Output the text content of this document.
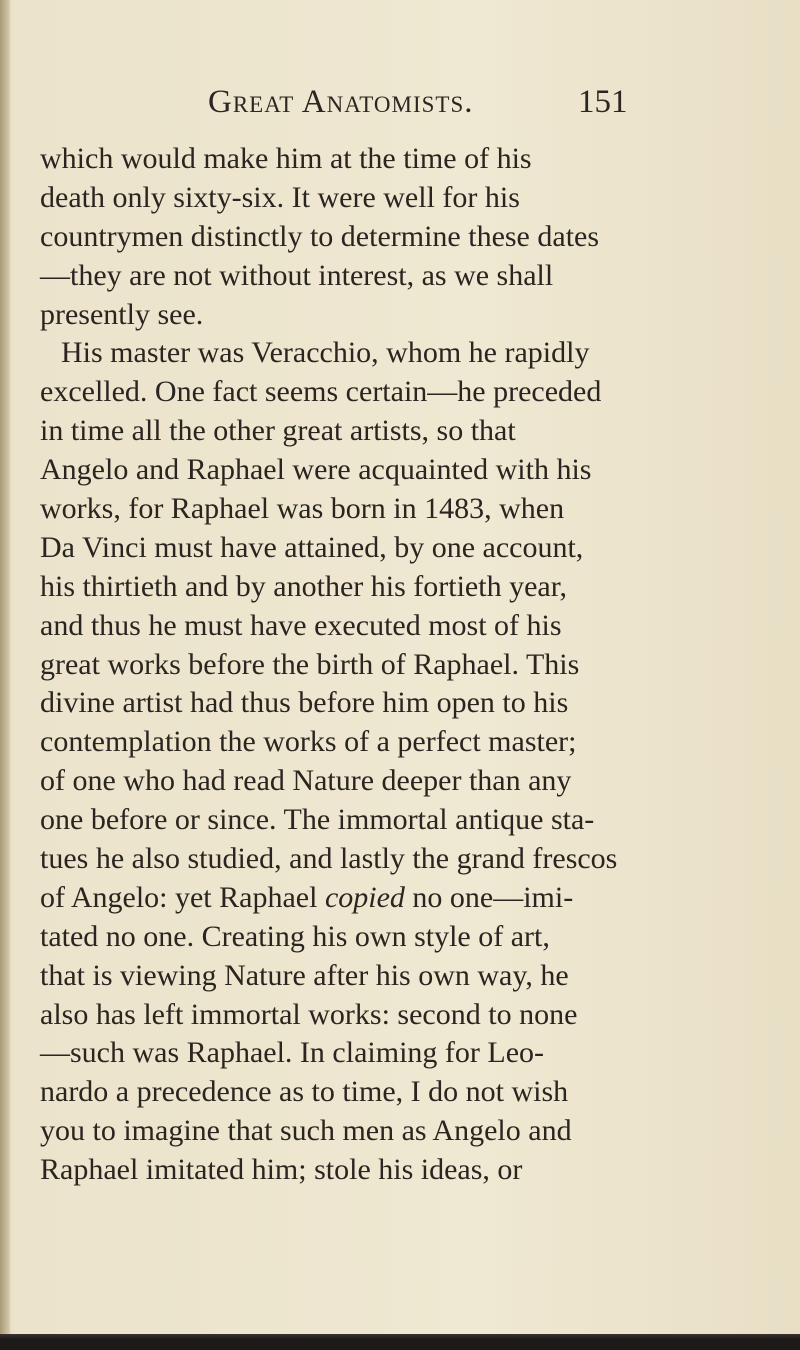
Great Anatomists.	151
which would make him at the time of his
death only sixty-six. It were well for his
countrymen distinctly to determine these dates
—they are not without interest, as we shall
presently see.
His master was Veracchio, whom he rapidly
excelled. One fact seems certain—he preceded
in time all the other great artists, so that
Angelo and Raphael were acquainted with his
works, for Raphael was born in 1483, when
Da Vinci must have attained, by one account,
his thirtieth and by another his fortieth year,
and thus he must have executed most of his
great works before the birth of Raphael. This
divine artist had thus before him open to his
contemplation the works of a perfect master;
of one who had read Nature deeper than any
one before or since. The immortal antique sta-
tues he also studied, and lastly the grand frescos
of Angelo: yet Raphael copied no one—imi-
tated no one. Creating his own style of art,
that is viewing Nature after his own way, he
also has left immortal works: second to none
—such was Raphael. In claiming for Leo-
nardo a precedence as to time, I do not wish
you to imagine that such men as Angelo and
Raphael imitated him; stole his ideas, or
